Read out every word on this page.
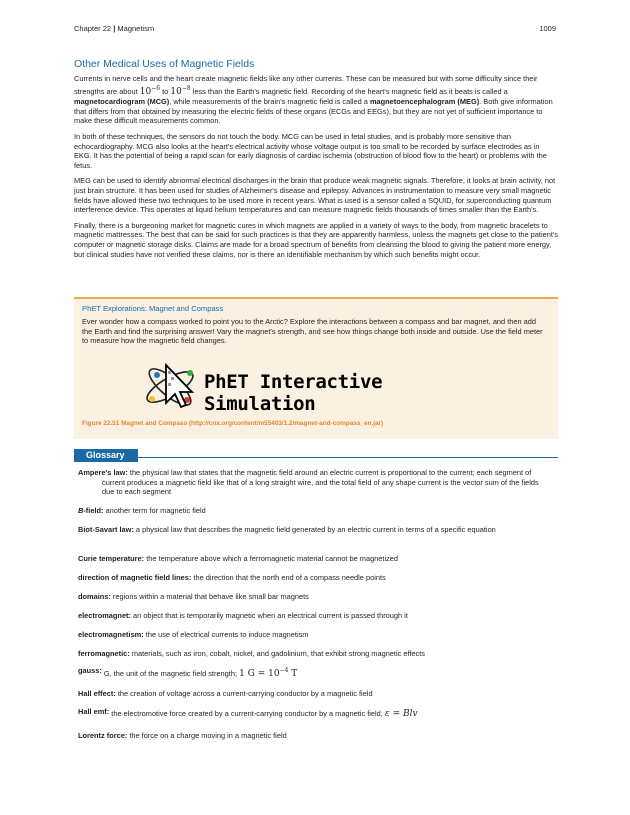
Chapter 22 | Magnetism	1009
Other Medical Uses of Magnetic Fields

Currents in nerve cells and the heart create magnetic fields like any other currents. These can be measured but with some difficulty since their strengths are about $10^{-6}$ to $10^{-8}$ less than the Earth's magnetic field. Recording of the heart's magnetic field as it beats is called a magnetocardiogram (MCG), while measurements of the brain's magnetic field is called a magnetoencephalogram (MEG). Both give information that differs from that obtained by measuring the electric fields of these organs (ECGs and EEGs), but they are not yet of sufficient importance to make these difficult measurements common.

In both of these techniques, the sensors do not touch the body. MCG can be used in fetal studies, and is probably more sensitive than echocardiography. MCG also looks at the heart's electrical activity whose voltage output is too small to be recorded by surface electrodes as in EKG. It has the potential of being a rapid scan for early diagnosis of cardiac ischemia (obstruction of blood flow to the heart) or problems with the fetus.

MEG can be used to identify abnormal electrical discharges in the brain that produce weak magnetic signals. Therefore, it looks at brain activity, not just brain structure. It has been used for studies of Alzheimer's disease and epilepsy. Advances in instrumentation to measure very small magnetic fields have allowed these two techniques to be used more in recent years. What is used is a sensor called a SQUID, for superconducting quantum interference device. This operates at liquid helium temperatures and can measure magnetic fields thousands of times smaller than the Earth's.

Finally, there is a burgeoning market for magnetic cures in which magnets are applied in a variety of ways to the body, from magnetic bracelets to magnetic mattresses. The best that can be said for such practices is that they are apparently harmless, unless the magnets get close to the patient's computer or magnetic storage disks. Claims are made for a broad spectrum of benefits from cleansing the blood to giving the patient more energy, but clinical studies have not verified these claims, nor is there an identifiable mechanism by which such benefits might occur.

PhET Explorations: Magnet and Compass

Ever wonder how a compass worked to point you to the Arctic? Explore the interactions between a compass and bar magnet, and then add the Earth and find the surprising answer! Vary the magnet's strength, and see how things change both inside and outside. Use the field meter to measure how the magnetic field changes.

PhET Interactive Simulation
Figure 22.51 Magnet and Compass (http://cnx.org/content/m55403/1.2/magnet-and-compass_en.jar)
Glossary
Ampere's law: the physical law that states that the magnetic field around an electric current is proportional to the current; each segment of current produces a magnetic field like that of a long straight wire, and the total field of any shape current is the vector sum of the fields due to each segment
B-field: another term for magnetic field
Biot-Savart law: a physical law that describes the magnetic field generated by an electric current in terms of a specific equation
Curie temperature: the temperature above which a ferromagnetic material cannot be magnetized
direction of magnetic field lines: the direction that the north end of a compass needle points
domains: regions within a material that behave like small bar magnets
electromagnet: an object that is temporarily magnetic when an electrical current is passed through it
electromagnetism: the use of electrical currents to induce magnetism
ferromagnetic: materials, such as iron, cobalt, nickel, and gadolinium, that exhibit strong magnetic effects
gauss: G, the unit of the magnetic field strength; 1 $G = 10^{-4}$ T
Hall effect: the creation of voltage across a current-carrying conductor by a magnetic field
Hall emf: the electromotive force created by a current-carrying conductor by a magnetic field, ε = Blv
Lorentz force: the force on a charge moving in a magnetic field
